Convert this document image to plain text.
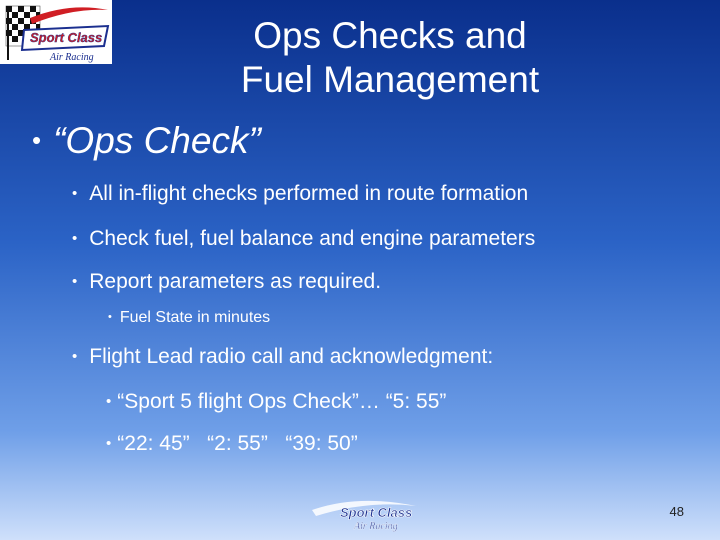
Sport Class
Air Racing
Ops Checks and
Fuel Management
• “Ops Check”
• All in-flight checks performed in route formation
• Check fuel, fuel balance and engine parameters
• Report parameters as required.
• Fuel State in minutes
• Flight Lead radio call and acknowledgment:
• “Sport 5 flight Ops Check”… “5: 55”
• “22: 45”   “2: 55”   “39: 50”
Sport Class
Air Racing
48
